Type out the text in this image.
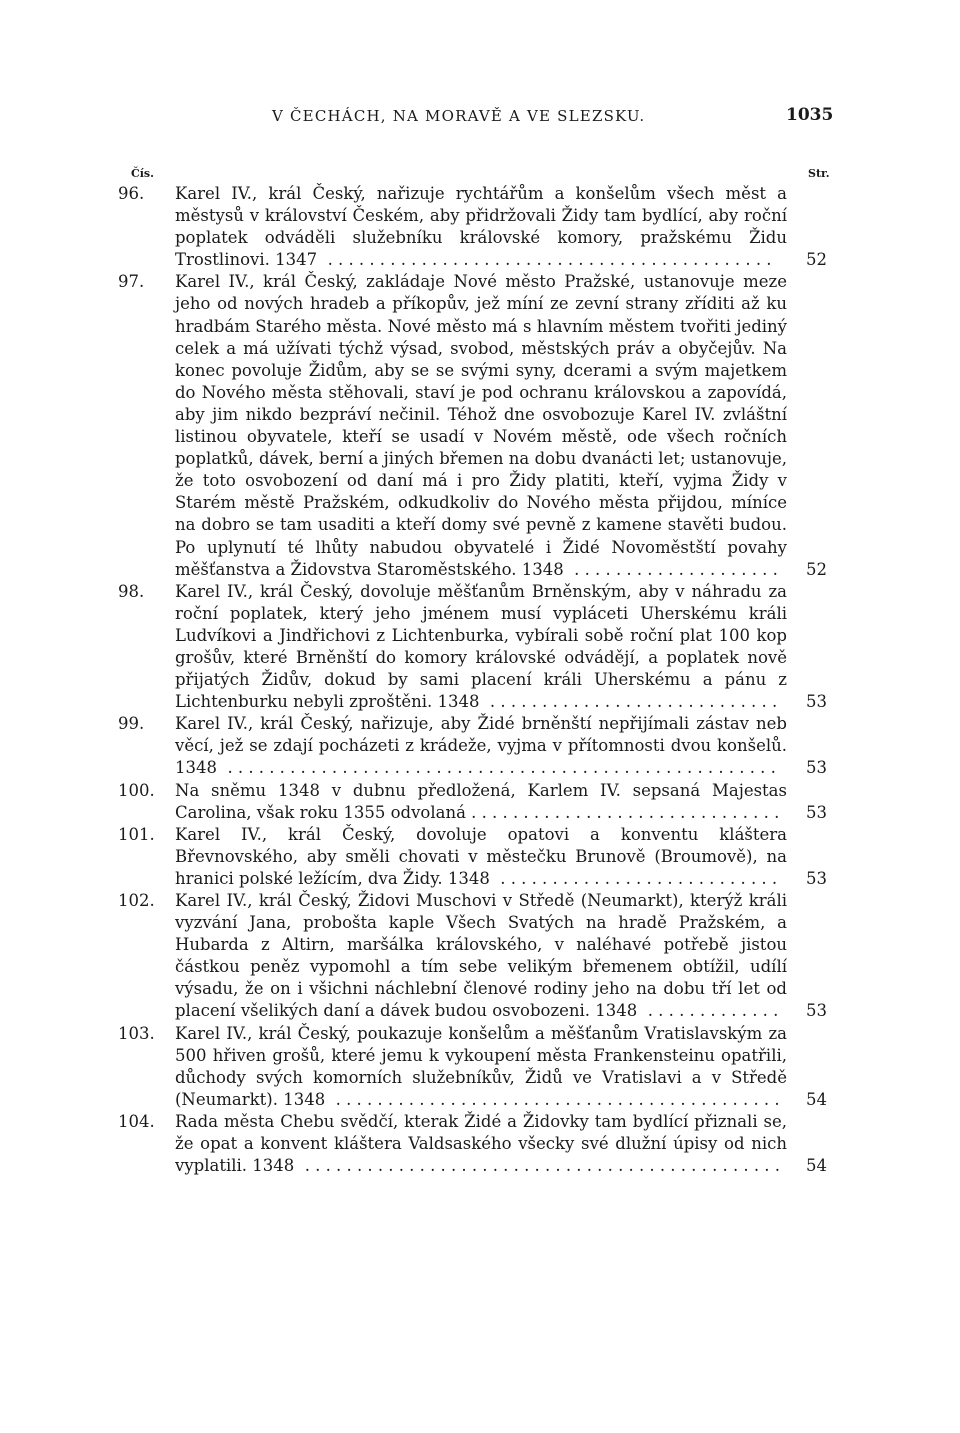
V ČECHÁCH, NA MORAVĚ A VE SLEZSKU.	1035
Čís.	Str.
96.	Karel IV., král Český, nařizuje rychtářům a konšelům všech měst a městysů v království Českém, aby přidržovali Židy tam bydlící, aby roční poplatek odváděli služebníku královské komory, pražskému Židu Trostlinovi. 1347 ...........................................	52
97.	Karel IV., král Český, zakládaje Nové město Pražské, ustanovuje meze jeho od nových hradeb a příkopův, jež míní ze zevní strany zříditi až ku hradbám Starého města. Nové město má s hlavním městem tvořiti jediný celek a má užívati týchž výsad, svobod, městských práv a obyčejův. Na konec povoluje Židům, aby se se svými syny, dcerami a svým majetkem do Nového města stěhovali, staví je pod ochranu královskou a zapovídá, aby jim nikdo bezpráví nečinil. Téhož dne osvobozuje Karel IV. zvláštní listinou obyvatele, kteří se usadí v Novém městě, ode všech ročních poplatků, dávek, berní a jiných břemen na dobu dvanácti let; ustanovuje, že toto osvobození od daní má i pro Židy platiti, kteří, vyjma Židy v Starém městě Pražském, odkudkoliv do Nového města přijdou, míníce na dobro se tam usaditi a kteří domy své pevně z kamene stavěti budou. Po uplynutí té lhůty nabudou obyvatelé i Židé Novoměstští povahy měšťanstva a Židovstva Staroměstského. 1348 .................... 52
98.	Karel IV., král Český, dovoluje měšťanům Brněnským, aby v náhradu za roční poplatek, který jeho jménem musí vypláceti Uherskému králi Ludvíkovi a Jindřichovi z Lichtenburka, vybírali sobě roční plat 100 kop grošův, které Brněnští do komory královské odvádějí, a poplatek nově přijatých Židův, dokud by sami placení králi Uherskému a pánu z Lichtenburku nebyli zproštěni. 1348 ............................ 53
99.	Karel IV., král Český, nařizuje, aby Židé brněnští nepřijímali zástav neb věcí, jež se zdají pocházeti z krádeže, vyjma v přítomnosti dvou konšelů. 1348 .....................................................	53
100.	Na sněmu 1348 v dubnu předložená, Karlem IV. sepsaná Majestas Carolina, však roku 1355 odvolaná .............................. 53
101.	Karel IV., král Český, dovoluje opatovi a konventu kláštera Břevnovského, aby směli chovati v městečku Brunově (Broumově), na hranici polské ležícím, dva Židy. 1348 ........................... 53
102.	Karel IV., král Český, Židovi Muschovi v Středě (Neumarkt), kterýž králi vyzvání Jana, probošta kaple Všech Svatých na hradě Pražském, a Hubarda z Altirn, maršálka královského, v naléhavé potřebě jistou částkou peněz vypomohl a tím sebe velikým břemenem obtížil, udílí výsadu, že on i všichni náchlební členové rodiny jeho na dobu tří let od placení všelikých daní a dávek budou osvobozeni. 1348 ............. 53
103.	Karel IV., král Český, poukazuje konšelům a měšťanům Vratislavským za 500 hřiven grošů, které jemu k vykoupení města Frankensteinu opatřili, důchody svých komorních služebníkův, Židů ve Vratislavi a v Středě (Neumarkt). 1348 ........................................... 54
104.	Rada města Chebu svědčí, kterak Židé a Židovky tam bydlící přiznali se, že opat a konvent kláštera Valdsaského všecky své dlužní úpisy od nich vyplatili. 1348 .............................................. 54
